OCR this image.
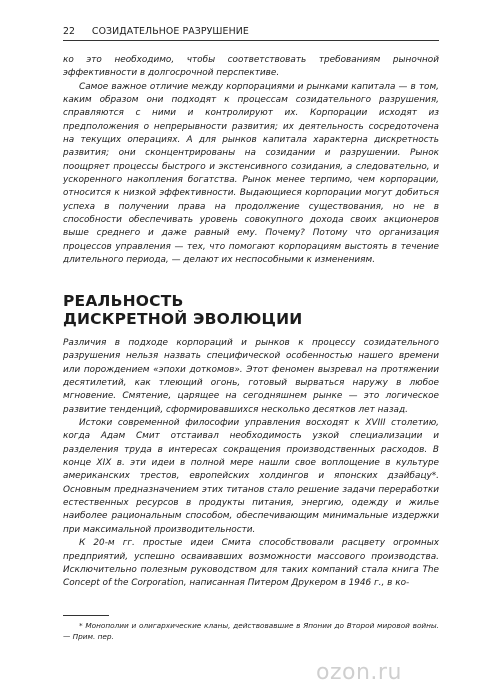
22 СОЗИДАТЕЛЬНОЕ РАЗРУШЕНИЕ

ко это необходимо, чтобы соответствовать требованиям рыночной эффективности в долгосрочной перспективе.

Самое важное отличие между корпорациями и рынками капитала — в том, каким образом они подходят к процессам созидательного разрушения, справляются с ними и контролируют их. Корпорации исходят из предположения о непрерывности развития; их деятельность сосредоточена на текущих операциях. А для рынков капитала характерна дискретность развития; они сконцентрированы на созидании и разрушении. Рынок поощряет процессы быстрого и экстенсивного созидания, а следовательно, и ускоренного накопления богатства. Рынок менее терпимо, чем корпорации, относится к низкой эффективности. Выдающиеся корпорации могут добиться успеха в получении права на продолжение существования, но не в способности обеспечивать уровень совокупного дохода своих акционеров выше среднего и даже равный ему. Почему? Потому что организация процессов управления — тех, что помогают корпорациям выстоять в течение длительного периода, — делают их неспособными к изменениям.

РЕАЛЬНОСТЬ
ДИСКРЕТНОЙ ЭВОЛЮЦИИ

Различия в подходе корпораций и рынков к процессу созидательного разрушения нельзя назвать специфической особенностью нашего времени или порождением «эпохи доткомов». Этот феномен вызревал на протяжении десятилетий, как тлеющий огонь, готовый вырваться наружу в любое мгновение. Смятение, царящее на сегодняшнем рынке — это логическое развитие тенденций, сформировавшихся несколько десятков лет назад.

Истоки современной философии управления восходят к XVIII столетию, когда Адам Смит отстаивал необходимость узкой специализации и разделения труда в интересах сокращения производственных расходов. В конце XIX в. эти идеи в полной мере нашли свое воплощение в культуре американских трестов, европейских холдингов и японских дзайбацу*. Основным предназначением этих титанов стало решение задачи переработки естественных ресурсов в продукты питания, энергию, одежду и жилье наиболее рациональным способом, обеспечивающим минимальные издержки при максимальной производительности.

К 20-м гг. простые идеи Смита способствовали расцвету огромных предприятий, успешно осваивавших возможности массового производства. Исключительно полезным руководством для таких компаний стала книга The Concept of the Corporation, написанная Питером Друкером в 1946 г., в ко-

* Монополии и олигархические кланы, действовавшие в Японии до Второй мировой войны. — Прим. пер.
ozon.ru
